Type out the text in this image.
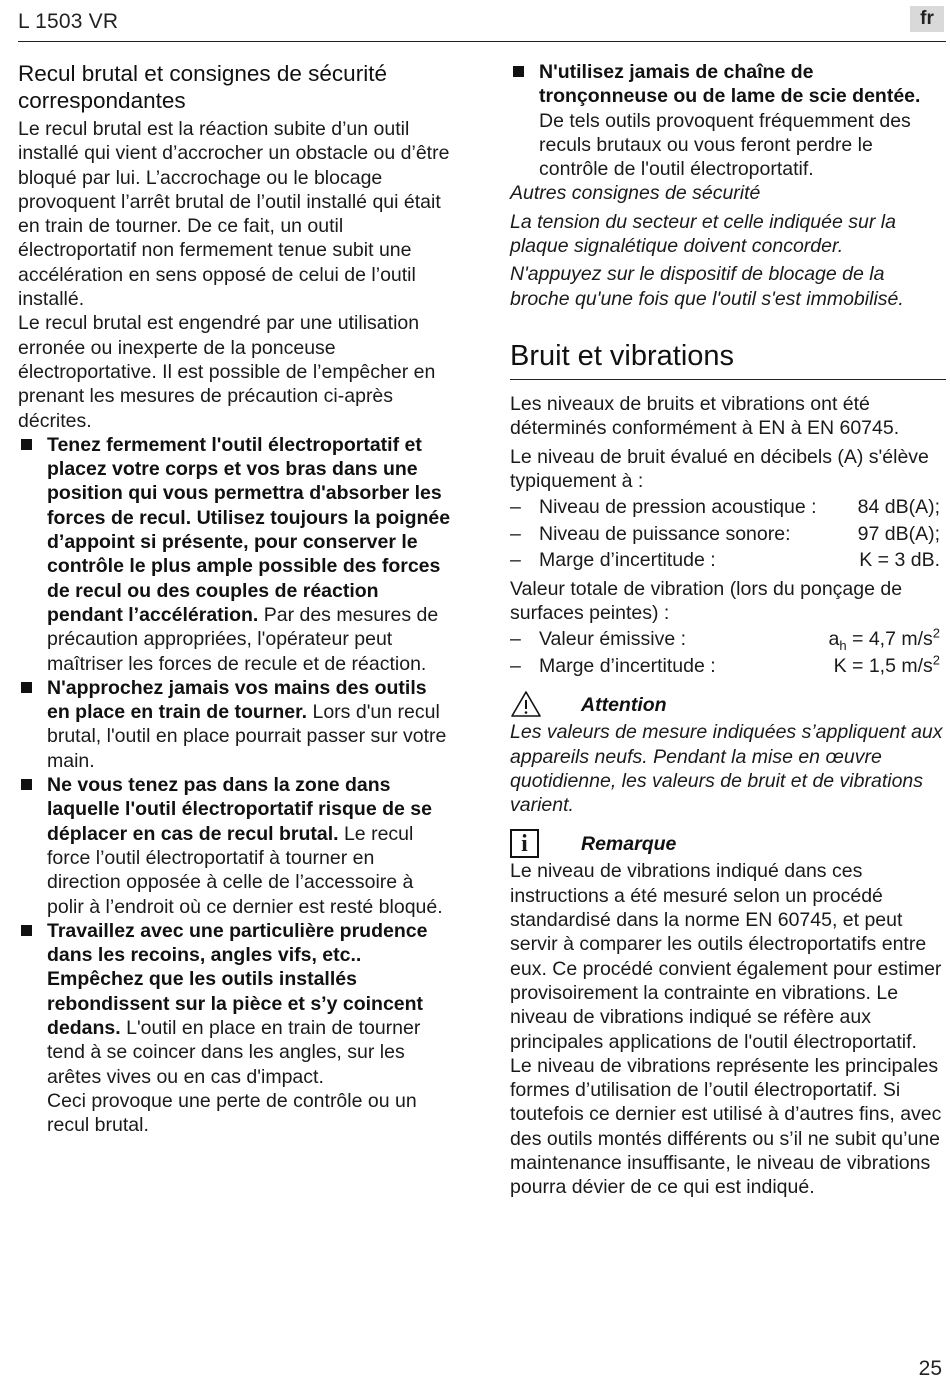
L 1503 VR	fr
Recul brutal et consignes de sécurité correspondantes

Le recul brutal est la réaction subite d’un outil installé qui vient d’accrocher un obstacle ou d’être bloqué par lui. L’accrochage ou le blocage provoquent l’arrêt brutal de l’outil installé qui était en train de tourner. De ce fait, un outil électroportatif non fermement tenue subit une accélération en sens opposé de celui de l’outil installé.

Le recul brutal est engendré par une utilisation erronée ou inexperte de la ponceuse électroportative. Il est possible de l’empêcher en prenant les mesures de précaution ci-après décrites.

Tenez fermement l'outil électroportatif et placez votre corps et vos bras dans une position qui vous permettra d'absorber les forces de recul. Utilisez toujours la poignée d’appoint si présente, pour conserver le contrôle le plus ample possible des forces de recul ou des couples de réaction pendant l’accélération. Par des mesures de précaution appropriées, l'opérateur peut maîtriser les forces de recule et de réaction.
N'approchez jamais vos mains des outils en place en train de tourner. Lors d'un recul brutal, l'outil en place pourrait passer sur votre main.
Ne vous tenez pas dans la zone dans laquelle l'outil électroportatif risque de se déplacer en cas de recul brutal. Le recul force l’outil électroportatif à tourner en direction opposée à celle de l’accessoire à polir à l’endroit où ce dernier est resté bloqué.
Travaillez avec une particulière prudence dans les recoins, angles vifs, etc.. Empêchez que les outils installés rebondissent sur la pièce et s’y coincent dedans. L'outil en place en train de tourner tend à se coincer dans les angles, sur les arêtes vives ou en cas d'impact.

Ceci provoque une perte de contrôle ou un recul brutal.

N'utilisez jamais de chaîne de tronçonneuse ou de lame de scie dentée. De tels outils provoquent fréquemment des reculs brutaux ou vous feront perdre le contrôle de l'outil électroportatif.

Autres consignes de sécurité

La tension du secteur et celle indiquée sur la plaque signalétique doivent concorder.

N'appuyez sur le dispositif de blocage de la broche qu'une fois que l'outil s'est immobilisé.

Bruit et vibrations

Les niveaux de bruits et vibrations ont été déterminés conformément à EN à EN 60745.

Le niveau de bruit évalué en décibels (A) s'élève typiquement à :

– Niveau de pression acoustique : 84 dB(A);
– Niveau de puissance sonore:	97 dB(A);
– Marge d’incertitude :	K = 3 dB.

Valeur totale de vibration (lors du ponçage de surfaces peintes) :

– Valeur émissive :	$a_h = 4,7$ $m/s^2$
– Marge d’incertitude :	K = 1,5 $m/s^2$
Attention

Les valeurs de mesure indiquées s’appliquent aux appareils neufs. Pendant la mise en œuvre quotidienne, les valeurs de bruit et de vibrations varient.

i	Remarque

Le niveau de vibrations indiqué dans ces instructions a été mesuré selon un procédé standardisé dans la norme EN 60745, et peut servir à comparer les outils électroportatifs entre eux. Ce procédé convient également pour estimer provisoirement la contrainte en vibrations. Le niveau de vibrations indiqué se réfère aux principales applications de l'outil électroportatif.

Le niveau de vibrations représente les principales formes d’utilisation de l’outil électroportatif. Si toutefois ce dernier est utilisé à d’autres fins, avec des outils montés différents ou s’il ne subit qu’une maintenance insuffisante, le niveau de vibrations pourra dévier de ce qui est indiqué.

25
